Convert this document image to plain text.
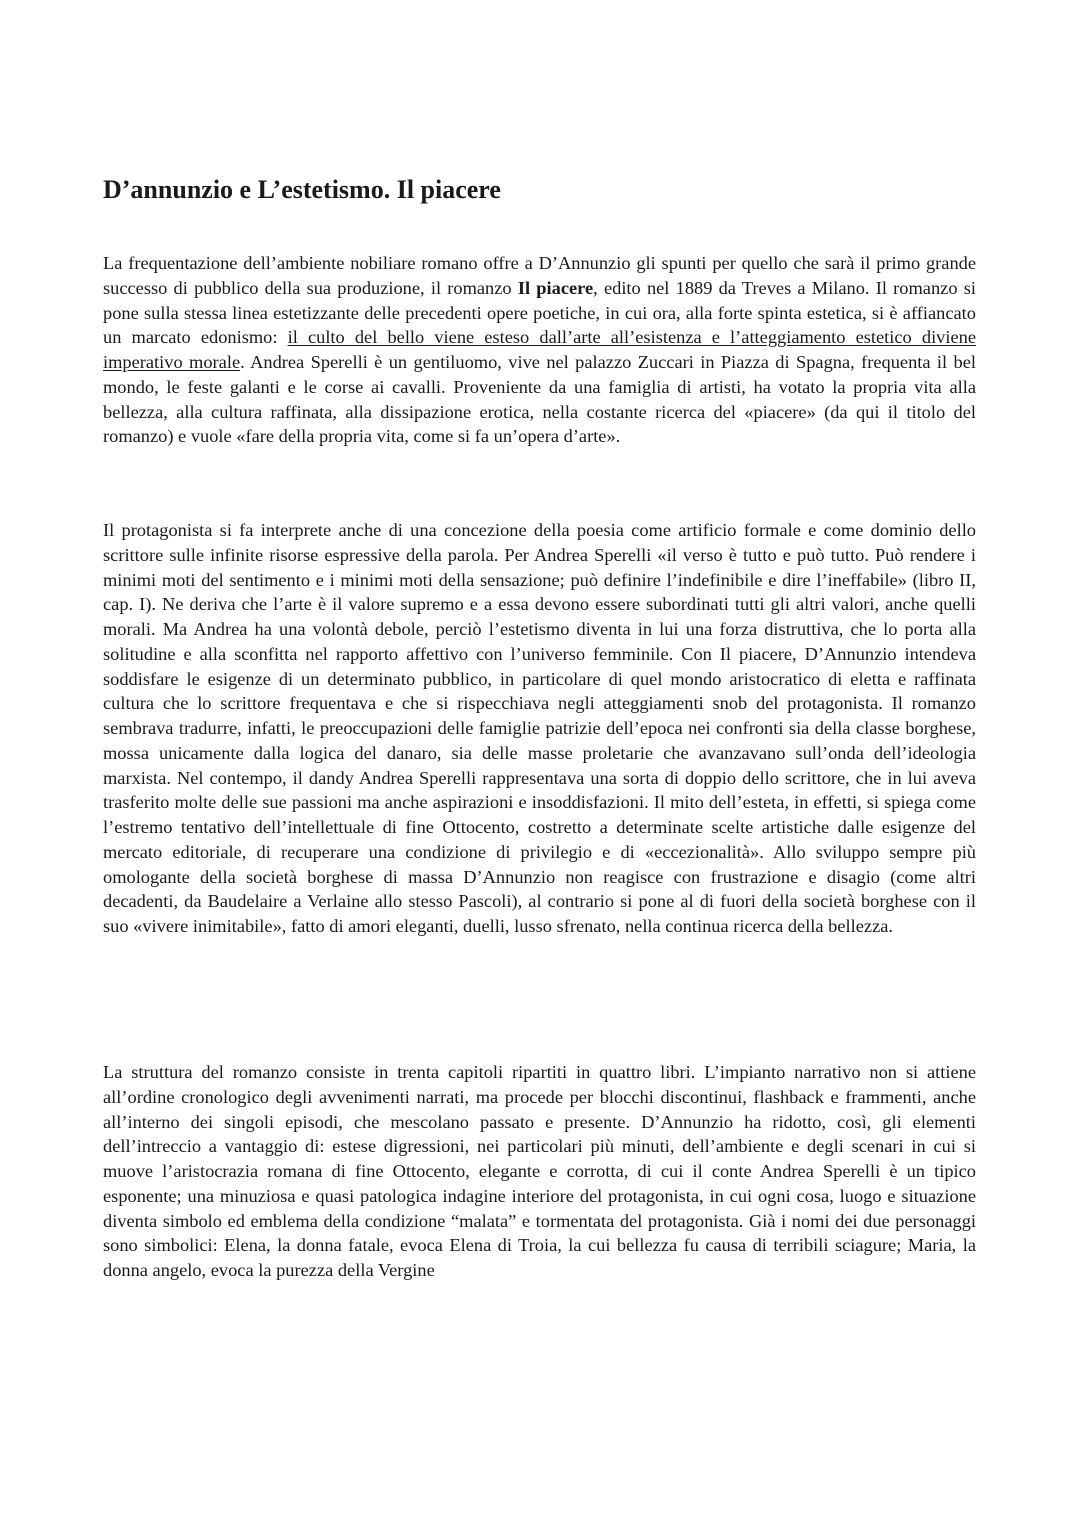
D’annunzio e L’estetismo. Il piacere

La frequentazione dell’ambiente nobiliare romano offre a D’Annunzio gli spunti per quello che sarà il primo grande successo di pubblico della sua produzione, il romanzo Il piacere, edito nel 1889 da Treves a Milano. Il romanzo si pone sulla stessa linea estetizzante delle precedenti opere poetiche, in cui ora, alla forte spinta estetica, si è affiancato un marcato edonismo: il culto del bello viene esteso dall’arte all’esistenza e l’atteggiamento estetico diviene imperativo morale. Andrea Sperelli è un gentiluomo, vive nel palazzo Zuccari in Piazza di Spagna, frequenta il bel mondo, le feste galanti e le corse ai cavalli. Proveniente da una famiglia di artisti, ha votato la propria vita alla bellezza, alla cultura raffinata, alla dissipazione erotica, nella costante ricerca del «piacere» (da qui il titolo del romanzo) e vuole «fare della propria vita, come si fa un’opera d’arte».

Il protagonista si fa interprete anche di una concezione della poesia come artificio formale e come dominio dello scrittore sulle infinite risorse espressive della parola. Per Andrea Sperelli «il verso è tutto e può tutto. Può rendere i minimi moti del sentimento e i minimi moti della sensazione; può definire l’indefinibile e dire l’ineffabile» (libro II, cap. I). Ne deriva che l’arte è il valore supremo e a essa devono essere subordinati tutti gli altri valori, anche quelli morali. Ma Andrea ha una volontà debole, perciò l’estetismo diventa in lui una forza distruttiva, che lo porta alla solitudine e alla sconfitta nel rapporto affettivo con l’universo femminile. Con Il piacere, D’Annunzio intendeva soddisfare le esigenze di un determinato pubblico, in particolare di quel mondo aristocratico di eletta e raffinata cultura che lo scrittore frequentava e che si rispecchiava negli atteggiamenti snob del protagonista. Il romanzo sembrava tradurre, infatti, le preoccupazioni delle famiglie patrizie dell’epoca nei confronti sia della classe borghese, mossa unicamente dalla logica del danaro, sia delle masse proletarie che avanzavano sull’onda dell’ideologia marxista. Nel contempo, il dandy Andrea Sperelli rappresentava una sorta di doppio dello scrittore, che in lui aveva trasferito molte delle sue passioni ma anche aspirazioni e insoddisfazioni. Il mito dell’esteta, in effetti, si spiega come l’estremo tentativo dell’intellettuale di fine Ottocento, costretto a determinate scelte artistiche dalle esigenze del mercato editoriale, di recuperare una condizione di privilegio e di «eccezionalità». Allo sviluppo sempre più omologante della società borghese di massa D’Annunzio non reagisce con frustrazione e disagio (come altri decadenti, da Baudelaire a Verlaine allo stesso Pascoli), al contrario si pone al di fuori della società borghese con il suo «vivere inimitabile», fatto di amori eleganti, duelli, lusso sfrenato, nella continua ricerca della bellezza.

La struttura del romanzo consiste in trenta capitoli ripartiti in quattro libri. L’impianto narrativo non si attiene all’ordine cronologico degli avvenimenti narrati, ma procede per blocchi discontinui, flashback e frammenti, anche all’interno dei singoli episodi, che mescolano passato e presente. D’Annunzio ha ridotto, così, gli elementi dell’intreccio a vantaggio di: estese digressioni, nei particolari più minuti, dell’ambiente e degli scenari in cui si muove l’aristocrazia romana di fine Ottocento, elegante e corrotta, di cui il conte Andrea Sperelli è un tipico esponente; una minuziosa e quasi patologica indagine interiore del protagonista, in cui ogni cosa, luogo e situazione diventa simbolo ed emblema della condizione “malata” e tormentata del protagonista. Già i nomi dei due personaggi sono simbolici: Elena, la donna fatale, evoca Elena di Troia, la cui bellezza fu causa di terribili sciagure; Maria, la donna angelo, evoca la purezza della Vergine
